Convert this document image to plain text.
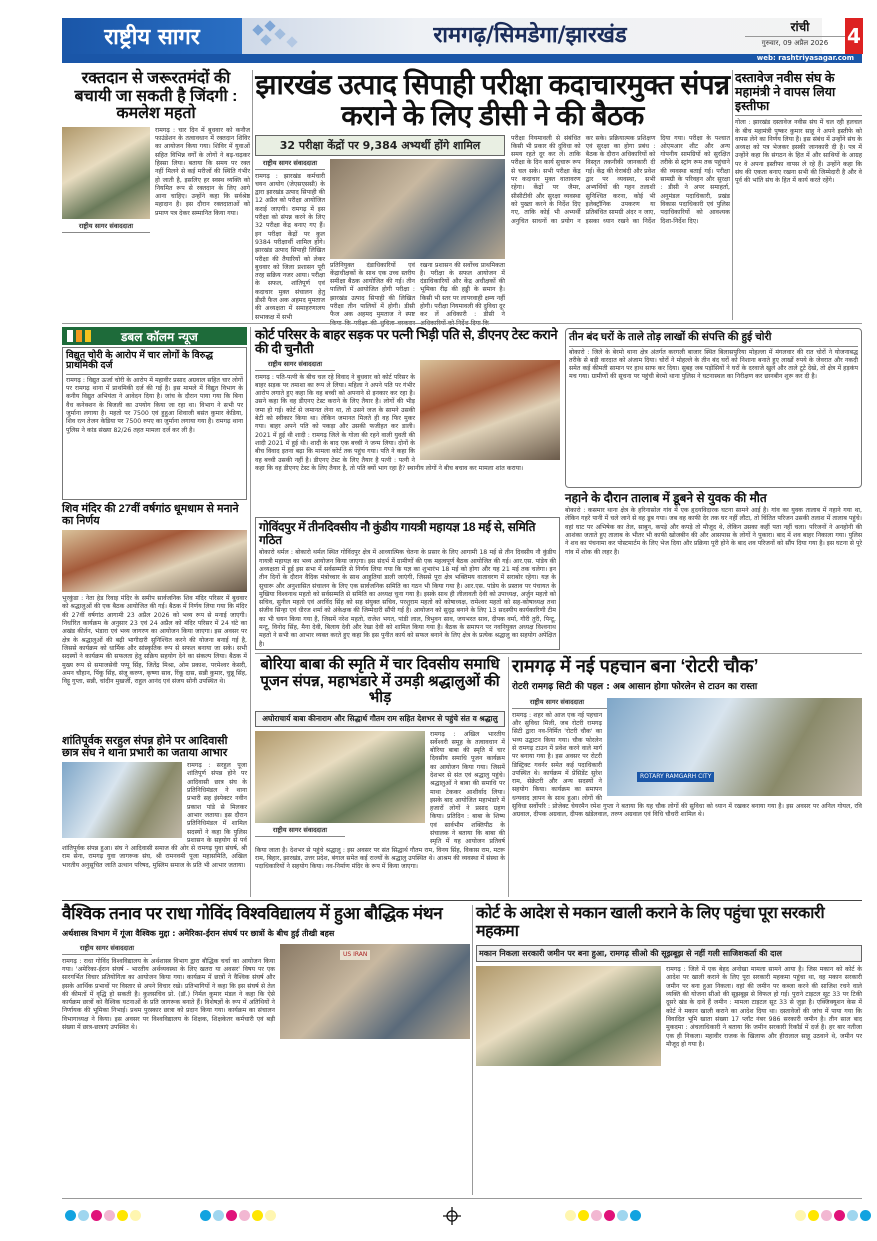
राष्ट्रीय सागर	रामगढ़/सिमडेगा/झारखंड	रांची
गुरुवार, 09 अप्रैल 2026 4
web: rashtriyasagar.com
रक्तदान से जरूरतमंदों की बचायी जा सकती है जिंदगी : कमलेश महतो
राष्ट्रीय सागर संवाददाता
रामगढ़ : चार दिन में बुधवार को कनौज फाउंडेशन के तत्वावधान में रक्तदान शिविर का आयोजन किया गया। शिविर में युवाओं सहित विभिन्न वर्गों के लोगों ने बढ़-चढ़कर हिस्सा लिया। बताया कि समय पर रक्त नहीं मिलने से कई मरीजों की स्थिति गंभीर हो जाती है, इसलिए हर स्वस्थ व्यक्ति को नियमित रूप से रक्तदान के लिए आगे आना चाहिए। उन्होंने कहा कि सर्वश्रेष्ठ महादान है। इस दौरान रक्तदाताओं को प्रमाण पत्र देकर सम्मानित किया गया।
झारखंड उत्पाद सिपाही परीक्षा कदाचारमुक्त संपन्न कराने के लिए डीसी ने की बैठक
32 परीक्षा केंद्रों पर 9,384 अभ्यर्थी होंगे शामिल
राष्ट्रीय सागर संवाददाता
रामगढ़ : झारखंड कर्मचारी चयन आयोग (जेएसएससी) के द्वारा झारखंड उत्पाद सिपाही की 12 अप्रैल को परीक्षा आयोजित कराई जाएगी। रामगढ़ में इस परीक्षा को संपन्न करने के लिए 32 परीक्षा केंद्र बनाए गए हैं। इन परीक्षा केंद्रों पर कुल 9384 परीक्षार्थी शामिल होंगे। झारखंड उत्पाद सिपाही लिखित परीक्षा की तैयारियों को लेकर बुधवार को जिला प्रशासन पूरी तरह सक्रिय नजर आया। परीक्षा के सफल, शांतिपूर्ण एवं कदाचार मुक्त संचालन हेतु डीसी फैज अक अहमद मुमताज की अध्यक्षता में समाहरणालय सभाकक्ष में सभी
प्रतिनियुक्त दंडाधिकारियों एवं केंद्राधीक्षकों के साथ एक उच्च स्तरीय समीक्षा बैठक आयोजित की गई। तीन पालियों में आयोजित होगी परीक्षा : झारखंड उत्पाद सिपाही की लिखित परीक्षा तीन पालियों में होगी। डीसी फैज अक अहमद मुमताज ने स्पष्ट रखना प्रशासन की सर्वोच्च प्राथमिकता है। परीक्षा के सफल आयोजन में दंडाधिकारियों और केंद्र अधीक्षकों की भूमिका रीढ़ की हड्डी के समान है। किसी भी स्तर पर लापरवाही क्षम्य नहीं होगी। परीक्षा नियमावली की दुविधा दूर कर लें अधिकारी : डीसी ने
परीक्षा नियमावली से संबंधित किसी भी प्रकार की दुविधा को समय रहते दूर कर लें। ताकि परीक्षा के दिन कार्य सुचारू रूप से चल सके। सभी परीक्षा केंद्र पर कदाचार मुक्त वातावरण रहेगा। केंद्रों पर जैमर, सीसीटीवी और सुरक्षा व्यवस्था को पुख्ता करने के निर्देश दिए गए, ताकि कोई भी अभ्यर्थी अनुचित साधनों का प्रयोग न कर सके। प्रक्रियात्मक प्रशिक्षण एवं सुरक्षा का होगा प्रबंध : बैठक के दौरान अधिकारियों को विस्तृत तकनीकी जानकारी दी गई। केंद्र की घेराबंदी और प्रवेश द्वार पर व्यवस्था, सभी अभ्यर्थियों की गहन तलाशी सुनिश्चित करना, कोई भी इलेक्ट्रॉनिक उपकरण या प्रतिबंधित सामग्री अंदर न जाए, इसका ध्यान रखने का निर्देश दिया गया। परीक्षा के पश्चात ओएमआर शीट और अन्य गोपनीय सामग्रियों को सुरक्षित तरीके से स्ट्रांग रूम तक पहुंचाने की व्यवस्था बताई गई। परीक्षा सामग्री के परिवहन और सुरक्षा : डीसी ने अपर समाहर्ता, अनुमंडल पदाधिकारी, प्रखंड विकास पदाधिकारी एवं पुलिस पदाधिकारियों को आवश्यक दिशा-निर्देश दिए।
दस्तावेज नवीस संघ के महामंत्री ने वापस लिया इस्तीफा
गोला : झारखंड दस्तावेज नवीस संघ में चल रही हलचल के बीच महामंत्री पुष्कर कुमार साहू ने अपने इस्तीफे को वापस लेने का निर्णय लिया है। इस संबंध में उन्होंने संघ के अध्यक्ष को पत्र भेजकर इसकी जानकारी दी है। पत्र में उन्होंने कहा कि संगठन के हित में और साथियों के आग्रह पर वे अपना इस्तीफा वापस ले रहे हैं। उन्होंने कहा कि संघ की एकता बनाए रखना सभी की जिम्मेदारी है और वे पूर्व की भांति संघ के हित में कार्य करते रहेंगे।
डबल कॉलम न्यूज
विद्युत चोरी के आरोप में चार लोगों के विरुद्ध प्राथमिकी दर्ज
रामगढ़ : विद्युत ऊर्जा चोरी के आरोप में महावीर प्रसाद अग्रवाल सहित चार लोगों पर रामगढ़ थाना में प्राथमिकी दर्ज की गई है। इस मामले में विद्युत विभाग के कनीय विद्युत अभियंता ने आवेदन दिया है। जांच के दौरान पाया गया कि बिना वैध कनेक्शन के बिजली का उपयोग किया जा रहा था। विभाग ने सभी पर जुर्माना लगाया है। महतो पर 7500 एवं हुहुआ शिवाजी बसंत कुमार केडिया, शिव रत्न तेजन केडिया पर 7500 रुपए का जुर्माना लगाया गया है। रामगढ़ थाना पुलिस ने कांड संख्या 82/26 तहत मामला दर्ज कर ली है।
शिव मंदिर की 27वीं वर्षगांठ धूमधाम से मनाने का निर्णय
भुरकुंडा : नेता हेड रिवाइ मंदिर के समीप सार्वजनिक शिव मंदिर परिसर में बुधवार को श्रद्धालुओं की एक बैठक आयोजित की गई। बैठक में निर्णय लिया गया कि मंदिर की 27वीं वर्षगांठ आगामी 23 अप्रैल 2026 को भव्य रूप से मनाई जाएगी। निर्धारित कार्यक्रम के अनुसार 23 एवं 24 अप्रैल को मंदिर परिसर में 24 घंटे का अखंड कीर्तन, भंडारा एवं भव्य जागरण का आयोजन किया जाएगा। इस अवसर पर क्षेत्र के श्रद्धालुओं की बढ़ी भागीदारी सुनिश्चित करने की योजना बनाई गई है, जिससे कार्यक्रम को धार्मिक और सांस्कृतिक रूप से सफल बनाया जा सके। सभी सदस्यों ने कार्यक्रम की सफलता हेतु सक्रिय सहयोग देने का संकल्प लिया। बैठक में मुख्य रूप से समाजसेवी पप्पू सिंह, जितेंद्र मिश्रा, ओम प्रकाश, परमेश्वर केसरी, अमन चौहान, पिंकू सिंह, संजू करुण, कृष्णा साव, रिंकू दास, सन्नी कुमार, चुन्नू सिंह, विट्टू गुप्ता, सन्नी, चांदीन मुखर्जी, राहुल आनंद एवं संजय सोनी उपस्थित थे।
शांतिपूर्वक सरहुल संपन्न होने पर आदिवासी छात्र संघ ने थाना प्रभारी का जताया आभार
रामगढ़ : सरहुल पूजा शांतिपूर्ण संपन्न होने पर आदिवासी छात्र संघ के प्रतिनिधिमंडल ने थाना प्रभारी सह इंस्पेक्टर नवीन प्रकाश पांडे से मिलकर आभार जताया। इस दौरान प्रतिनिधिमंडल में शामिल सदस्यों ने कहा कि पुलिस प्रशासन के सहयोग से पर्व शांतिपूर्वक संपन्न हुआ। संघ ने आदिवासी समाज की ओर से रामगढ़ युवा संघर्ष, श्री राम सेना, रामगढ़ युवा जागरूक संघ, श्री रामनवमी पूजा महासमिति, अखिल भारतीय अनुसूचित जाति उत्थान परिषद, मुस्लिम समाज के प्रति भी आभार जताया।
कोर्ट परिसर के बाहर सड़क पर पत्नी भिड़ी पति से, डीएनए टेस्ट कराने की दी चुनौती
राष्ट्रीय सागर संवाददाता
रामगढ़ : पति-पत्नी के बीच चल रहे विवाद ने बुधवार को कोर्ट परिसर के बाहर सड़क पर तमाशा का रूप ले लिया। महिला ने अपने पति पर गंभीर आरोप लगाते हुए कहा कि वह बच्ची को अपनाने से इनकार कर रहा है। उसने कहा कि वह डीएनए टेस्ट कराने के लिए तैयार है। लोगों की भीड़ जमा हो गई। कोर्ट से जमानत लेना था, तो उसने जज के सामने उसकी बेटी को स्वीकार किया था। लेकिन जमानत मिलते ही वह फिर मुकर गया। बाहर अपने पति को पकड़ा और उसकी फजीहत कर डाली। 2021 में हुई थी शादी : रामगढ़ जिले के गोला की रहने वाली युवती की शादी 2021 में हुई थी। शादी के बाद एक बच्ची ने जन्म लिया। दोनों के बीच विवाद इतना बढ़ा कि मामला कोर्ट तक पहुंच गया। पति ने कहा कि वह बच्ची उसकी नहीं है। डीएनए टेस्ट के लिए तैयार है पत्नी : पत्नी ने कहा कि वह डीएनए टेस्ट के लिए तैयार है, तो पति क्यों भाग रहा है? स्थानीय लोगों ने बीच बचाव कर मामला शांत कराया।
तीन बंद घरों के ताले तोड़ लाखों की संपत्ति की हुई चोरी
बोकारो : जिले के बेरमो थाना क्षेत्र अंतर्गत करगली बाजार स्थित बिलासपुरिया मोहल्ला में मंगलवार की रात चोरों ने योजनाबद्ध तरीके से बड़ी वारदात को अंजाम दिया। चोरों ने मोहल्ले के तीन बंद घरों को निशाना बनाते हुए लाखों रुपये के जेवरात और नकदी समेत कई कीमती सामान पर हाथ साफ कर दिया। सुबह जब पड़ोसियों ने घरों के दरवाजे खुले और ताले टूटे देखे, तो क्षेत्र में हड़कंप मच गया। ग्रामीणों की सूचना पर पहुंची बेरमो थाना पुलिस ने घटनास्थल का निरीक्षण कर छानबीन शुरू कर दी है।
नहाने के दौरान तालाब में डूबने से युवक की मौत
बोकारो : कसमार थाना क्षेत्र के हरिनासोल गांव में एक हृदयविदारक घटना सामने आई है। गांव का युवक तालाब में नहाने गया था, लेकिन गहरे पानी में चले जाने से वह डूब गया। जब वह काफी देर तक घर नहीं लौटा, तो चिंतित परिजन उसकी तलाश में तालाब पहुंचे। वहां घाट पर अभिषेक का तेल, साबुन, कपड़े और कपड़े तो मौजूद थे, लेकिन उसका कहीं पता नहीं चला। परिजनों ने अनहोनी की आशंका जताते हुए तालाब के भीतर भी काफी खोजबीन की और आसपास के लोगों ने पुकारा। बाद में शव बाहर निकाला गया। पुलिस ने शव का पंचनामा कर पोस्टमार्टम के लिए भेज दिया और प्रक्रिया पूरी होने के बाद शव परिजनों को सौंप दिया गया है। इस घटना से पूरे गांव में शोक की लहर है।
गोविंदपुर में तीनदिवसीय नौ कुंडीय गायत्री महायज्ञ 18 मई से, समिति गठित
बोकारो थर्मल : बोकारो थर्मल स्थित गोविंदपुर क्षेत्र में आध्यात्मिक चेतना के प्रसार के लिए आगामी 18 मई से तीन दिवसीय नौ कुंडीय गायत्री महायज्ञ का भव्य आयोजन किया जाएगा। इस संदर्भ में ग्रामीणों की एक महत्वपूर्ण बैठक आयोजित की गई। आर.एस. पांडेय की अध्यक्षता में हुई इस सभा में सर्वसम्मति से निर्णय लिया गया कि यज्ञ का शुभारंभ 18 मई को होगा और यह 21 मई तक चलेगा। इन तीन दिनों के दौरान वैदिक मंत्रोच्चार के साथ आहुतियां डाली जाएंगी, जिससे पूरा क्षेत्र भक्तिमय वातावरण में सराबोर रहेगा। यज्ञ के सुचारू और अनुशासित संचालन के लिए एक सार्वजनिक समिति का गठन भी किया गया है। आर.एस. पांडेय के प्रस्ताव पर पंचायत के मुखिया विश्वनाथ महतो को सर्वसम्मति से समिति का अध्यक्ष चुना गया है। इसके साथ ही लीलावती देवी को उपाध्यक्ष, अर्जुन महतो को सचिव, सुनील महतो एवं अरविंद सिंह को सह संयुक्त सचिव, परशुराम महतो को कोषाध्यक्ष, रामेश्वर महतो को सह-कोषाध्यक्ष तथा संजीव सिन्हा एवं धीरज शर्मा को अंकेक्षक की जिम्मेदारी सौंपी गई है। आयोजन को सुदृढ़ बनाने के लिए 13 सदस्यीय कार्यकारिणी टीम का भी चयन किया गया है, जिसमें नरेश महतो, राजेश भगत, पांडी लाल, त्रिभुवन साव, जयभरत साव, दीपक वर्मा, गौरी तुरी, पिन्टू, मन्टू, विनोद सिंह, मैना देवी, बिलाय देवी और रेखा देवी को शामिल किया गया है। बैठक के समापन पर नवनियुक्त अध्यक्ष विश्वनाथ महतो ने सभी का आभार व्यक्त करते हुए कहा कि इस पुनीत कार्य को सफल बनाने के लिए क्षेत्र के प्रत्येक श्रद्धालु का सहयोग अपेक्षित है।
बोरिया बाबा की स्मृति में चार दिवसीय समाधि पूजन संपन्न, महाभंडारे में उमड़ी श्रद्धालुओं की भीड़
अघोराचार्य बाबा कीनाराम और सिद्धार्थ गौतम राम सहित देशभर से पहुंचे संत व श्रद्धालु
राष्ट्रीय सागर संवाददाता
रामगढ़ : अखिल भारतीय सर्वेश्वरी समूह के तत्वावधान में बोरिया बाबा की स्मृति में चार दिवसीय समाधि पूजन कार्यक्रम का आयोजन किया गया। जिसमें देशभर से संत एवं श्रद्धालु पहुंचे। श्रद्धालुओं ने बाबा की समाधि पर माथा टेककर आशीर्वाद लिया। इसके बाद आयोजित महाभंडारे में हजारों लोगों ने प्रसाद ग्रहण किया। प्रतिदिन : बाबा के शिष्य एवं सार्वभौम शक्तिपीठ के संचालक ने बताया कि बाबा की स्मृति में यह आयोजन प्रतिवर्ष किया जाता है। देशभर से पहुंचे श्रद्धालु : इस अवसर पर संत सिद्धार्थ गौतम राम, विनय सिंह, विकास राम, मटरू राम, बिहार, झारखंड, उत्तर प्रदेश, बंगाल समेत कई राज्यों के श्रद्धालु उपस्थित थे। आश्रम की व्यवस्था में संस्था के पदाधिकारियों ने सहयोग किया। नव-निर्माण मंदिर के रूप में किया जाएगा।
रामगढ़ में नई पहचान बना ‘रोटरी चौक’
रोटरी रामगढ़ सिटी की पहल : अब आसान होगा फोरलेन से टाउन का रास्ता
ROTARY RAMGARH CITY
राष्ट्रीय सागर संवाददाता
रामगढ़ : शहर को आज एक नई पहचान और सुविधा मिली, जब रोटरी रामगढ़ सिटी द्वारा नव-निर्मित 'रोटरी चौक' का भव्य उद्घाटन किया गया। चौक फोरलेन से रामगढ़ टाउन में प्रवेश करने वाले मार्ग पर बनाया गया है। इस अवसर पर रोटरी डिस्ट्रिक्ट गवर्नर समेत कई पदाधिकारी उपस्थित थे। कार्यक्रम में प्रेसिडेंट सुरेश राम, सेक्रेटरी और अन्य सदस्यों ने सहयोग किया। कार्यक्रम का समापन धन्यवाद ज्ञापन के साथ हुआ। लोगों की सुविधा सर्वोपरि : प्रोजेक्ट चेयरमैन रमेश गुप्ता ने बताया कि यह चौक लोगों की सुविधा को ध्यान में रखकर बनाया गया है। इस अवसर पर अनिल गोयल, रवि अग्रवाल, दीपक अग्रवाल, दीपक खंडेलवाल, तरुण अग्रवाल एवं विधि चौधरी शामिल थे।
वैश्विक तनाव पर राधा गोविंद विश्वविद्यालय में हुआ बौद्धिक मंथन
अर्थशास्त्र विभाग में गूंजा वैश्विक मुद्दा : अमेरिका-ईरान संघर्ष पर छात्रों के बीच हुई तीखी बहस
US IRAN
राष्ट्रीय सागर संवाददाता
रामगढ़ : राधा गोविंद विश्वविद्यालय के अर्थशास्त्र विभाग द्वारा बौद्धिक चर्चा का आयोजन किया गया। 'अमेरिका-ईरान संघर्ष - भारतीय अर्थव्यवस्था के लिए खतरा या अवसर' विषय पर एक सारगर्भित विचार प्रतियोगिता का आयोजन किया गया। कार्यक्रम में छात्रों ने वैश्विक संघर्ष और इसके आर्थिक प्रभावों पर विस्तार से अपने विचार रखे। प्रतिभागियों ने कहा कि इस संघर्ष से तेल की कीमतों में वृद्धि हो सकती है। कुलसचिव प्रो. (डॉ.) निर्मल कुमार मंडल ने कहा कि ऐसे कार्यक्रम छात्रों को वैश्विक घटनाओं के प्रति जागरूक बनाते हैं। विशेषज्ञों के रूप में अतिथियों ने निर्णायक की भूमिका निभाई। प्रथम पुरस्कार छात्रा को प्रदान किया गया। कार्यक्रम का संचालन विभागाध्यक्ष ने किया। इस अवसर पर विश्वविद्यालय के शिक्षक, शिक्षकेतर कर्मचारी एवं बड़ी संख्या में छात्र-छात्राएं उपस्थित थे।
कोर्ट के आदेश से मकान खाली कराने के लिए पहुंचा पूरा सरकारी महकमा
मकान निकला सरकारी जमीन पर बना हुआ, रामगढ़ सीओ की सूझबूझ से नहीं गली साजिशकर्ता की दाल
रामगढ़ : जिले में एक बेहद अनोखा मामला सामने आया है। जिस मकान को कोर्ट के आदेश पर खाली कराने के लिए पूरा सरकारी महकमा पहुंचा था, वह मकान सरकारी जमीन पर बना हुआ निकला। वहां की जमीन पर कब्जा करने की साजिश रचने वाले व्यक्ति की योजना सीओ की सूझबूझ से विफल हो गई। पुराने टाइटल सूट 33 पर टिकी दूसरे खंड के दावे हैं जमीन : मामला टाइटल सूट 33 से जुड़ा है। एक्जिक्यूशन केस में कोर्ट ने मकान खाली कराने का आदेश दिया था। दस्तावेजों की जांच में पाया गया कि विवादित भूमि खाता संख्या 17 प्लॉट नंबर 986 सरकारी जमीन है। तीन साल बाद मुकदमा : अंचलाधिकारी ने बताया कि जमीन सरकारी रिकॉर्ड में दर्ज है। हर बार नतीजा एक ही निकला। महावीर राजक के खिलाफ और हीरालाल साहू उठवाने थे, जमीन पर मौजूद हो गया है।
